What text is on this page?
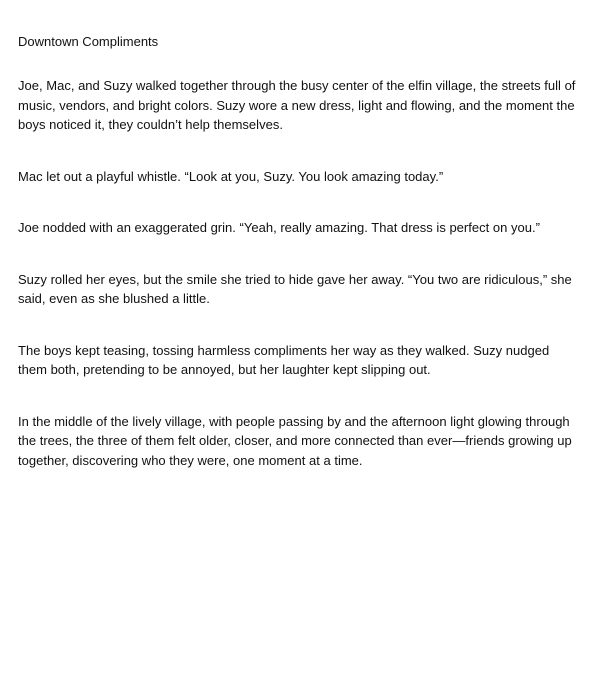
Downtown Compliments

Joe, Mac, and Suzy walked together through the busy center of the elfin village, the streets full of music, vendors, and bright colors. Suzy wore a new dress, light and flowing, and the moment the boys noticed it, they couldn’t help themselves.

Mac let out a playful whistle. “Look at you, Suzy. You look amazing today.”

Joe nodded with an exaggerated grin. “Yeah, really amazing. That dress is perfect on you.”

Suzy rolled her eyes, but the smile she tried to hide gave her away. “You two are ridiculous,” she said, even as she blushed a little.

The boys kept teasing, tossing harmless compliments her way as they walked. Suzy nudged them both, pretending to be annoyed, but her laughter kept slipping out.

In the middle of the lively village, with people passing by and the afternoon light glowing through the trees, the three of them felt older, closer, and more connected than ever—friends growing up together, discovering who they were, one moment at a time.
